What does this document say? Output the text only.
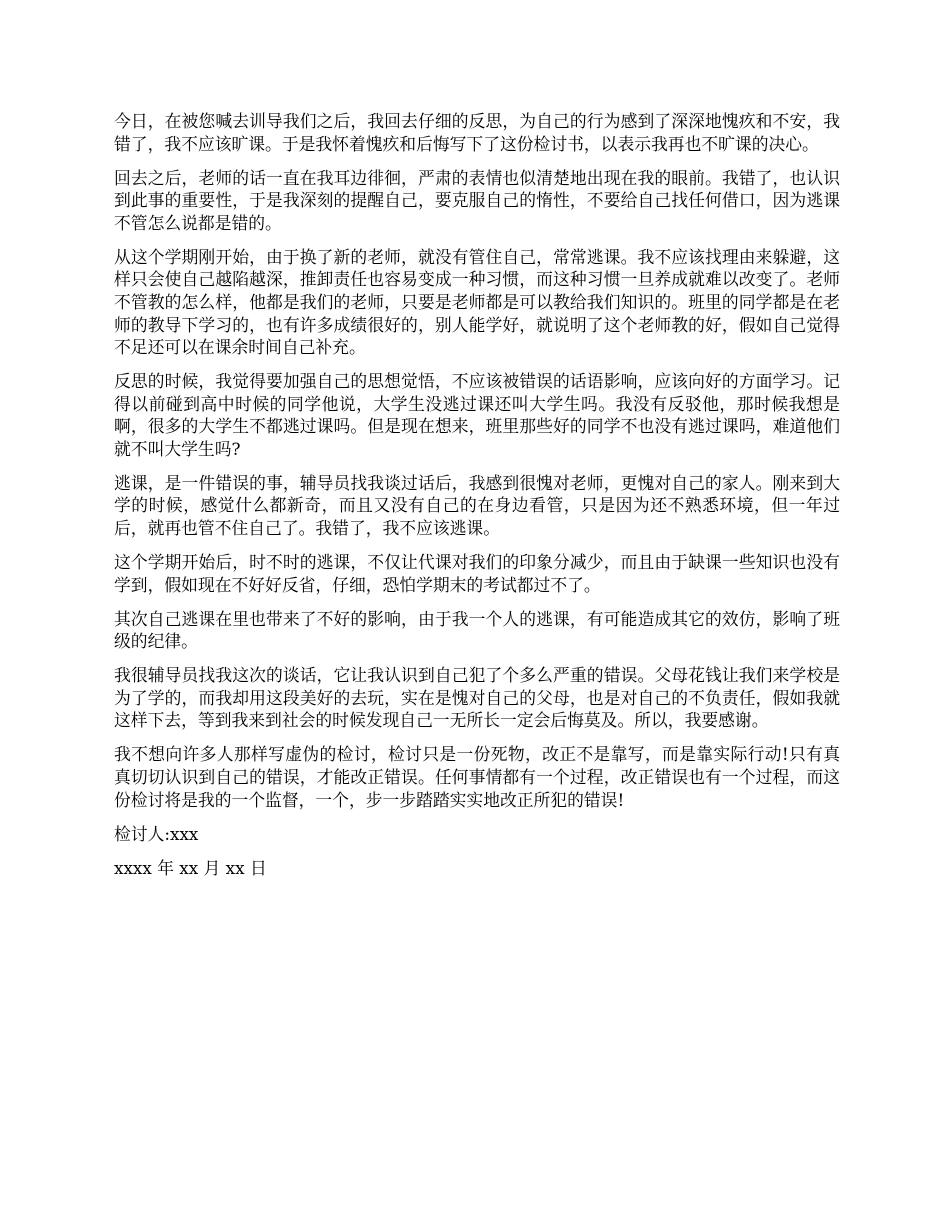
今日，在被您喊去训导我们之后，我回去仔细的反思，为自己的行为感到了深深地愧疚和不安，我错了，我不应该旷课。于是我怀着愧疚和后悔写下了这份检讨书，以表示我再也不旷课的决心。

回去之后，老师的话一直在我耳边徘徊，严肃的表情也似清楚地出现在我的眼前。我错了，也认识到此事的重要性，于是我深刻的提醒自己，要克服自己的惰性，不要给自己找任何借口，因为逃课不管怎么说都是错的。

从这个学期刚开始，由于换了新的老师，就没有管住自己，常常逃课。我不应该找理由来躲避，这样只会使自己越陷越深，推卸责任也容易变成一种习惯，而这种习惯一旦养成就难以改变了。老师不管教的怎么样，他都是我们的老师，只要是老师都是可以教给我们知识的。班里的同学都是在老师的教导下学习的，也有许多成绩很好的，别人能学好，就说明了这个老师教的好，假如自己觉得不足还可以在课余时间自己补充。

反思的时候，我觉得要加强自己的思想觉悟，不应该被错误的话语影响，应该向好的方面学习。记得以前碰到高中时候的同学他说，大学生没逃过课还叫大学生吗。我没有反驳他，那时候我想是啊，很多的大学生不都逃过课吗。但是现在想来，班里那些好的同学不也没有逃过课吗，难道他们就不叫大学生吗?

逃课，是一件错误的事，辅导员找我谈过话后，我感到很愧对老师，更愧对自己的家人。刚来到大学的时候，感觉什么都新奇，而且又没有自己的在身边看管，只是因为还不熟悉环境，但一年过后，就再也管不住自己了。我错了，我不应该逃课。

这个学期开始后，时不时的逃课，不仅让代课对我们的印象分减少，而且由于缺课一些知识也没有学到，假如现在不好好反省，仔细，恐怕学期末的考试都过不了。

其次自己逃课在里也带来了不好的影响，由于我一个人的逃课，有可能造成其它的效仿，影响了班级的纪律。

我很辅导员找我这次的谈话，它让我认识到自己犯了个多么严重的错误。父母花钱让我们来学校是为了学的，而我却用这段美好的去玩，实在是愧对自己的父母，也是对自己的不负责任，假如我就这样下去，等到我来到社会的时候发现自己一无所长一定会后悔莫及。所以，我要感谢。

我不想向许多人那样写虚伪的检讨，检讨只是一份死物，改正不是靠写，而是靠实际行动!只有真真切切认识到自己的错误，才能改正错误。任何事情都有一个过程，改正错误也有一个过程，而这份检讨将是我的一个监督，一个，步一步踏踏实实地改正所犯的错误!

检讨人:xxx

xxxx 年 xx 月 xx 日
